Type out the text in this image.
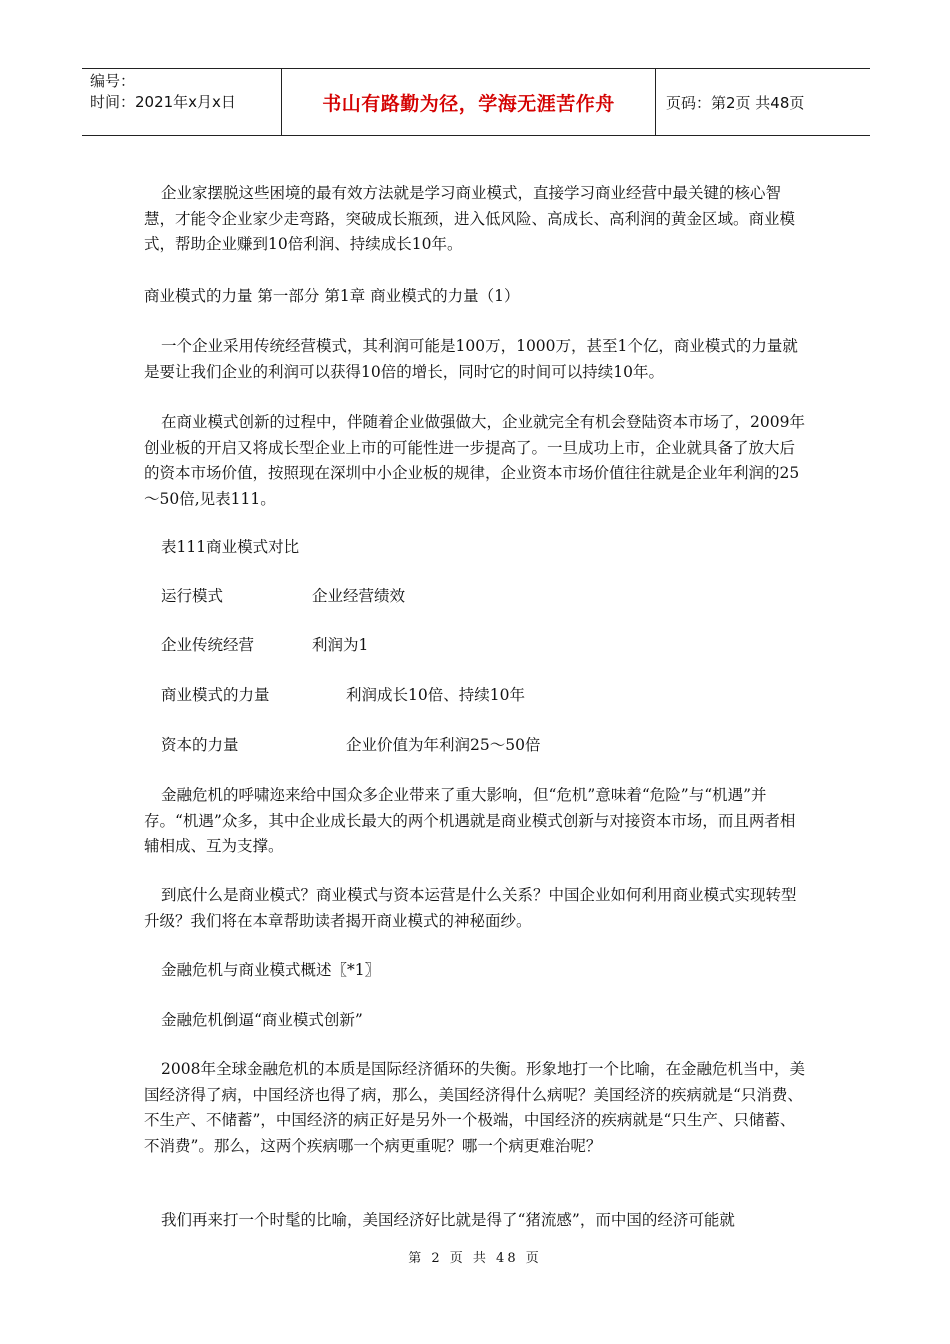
编号：
时间：2021年x月x日	书山有路勤为径，学海无涯苦作舟	页码：第2页 共48页

企业家摆脱这些困境的最有效方法就是学习商业模式，直接学习商业经营中最关键的核心智慧，才能令企业家少走弯路，突破成长瓶颈，进入低风险、高成长、高利润的黄金区域。商业模式，帮助企业赚到10倍利润、持续成长10年。

商业模式的力量 第一部分 第1章 商业模式的力量（1）

一个企业采用传统经营模式，其利润可能是100万，1000万，甚至1个亿，商业模式的力量就是要让我们企业的利润可以获得10倍的增长，同时它的时间可以持续10年。

在商业模式创新的过程中，伴随着企业做强做大，企业就完全有机会登陆资本市场了，2009年创业板的开启又将成长型企业上市的可能性进一步提高了。一旦成功上市，企业就具备了放大后的资本市场价值，按照现在深圳中小企业板的规律，企业资本市场价值往往就是企业年利润的25～50倍,见表111。

表111商业模式对比

运行模式	企业经营绩效
企业传统经营	利润为1
商业模式的力量	利润成长10倍、持续10年
资本的力量	企业价值为年利润25～50倍

金融危机的呼啸迩来给中国众多企业带来了重大影响，但“危机”意味着“危险”与“机遇”并存。“机遇”众多，其中企业成长最大的两个机遇就是商业模式创新与对接资本市场，而且两者相辅相成、互为支撑。

到底什么是商业模式？商业模式与资本运营是什么关系？中国企业如何利用商业模式实现转型升级？我们将在本章帮助读者揭开商业模式的神秘面纱。

金融危机与商业模式概述〖*1〗

金融危机倒逼“商业模式创新”

2008年全球金融危机的本质是国际经济循环的失衡。形象地打一个比喻，在金融危机当中，美国经济得了病，中国经济也得了病，那么，美国经济得什么病呢？美国经济的疾病就是“只消费、不生产、不储蓄”，中国经济的病正好是另外一个极端，中国经济的疾病就是“只生产、只储蓄、不消费”。那么，这两个疾病哪一个病更重呢？哪一个病更难治呢？

我们再来打一个时髦的比喻，美国经济好比就是得了“猪流感”，而中国的经济可能就

第 2 页 共 48 页
